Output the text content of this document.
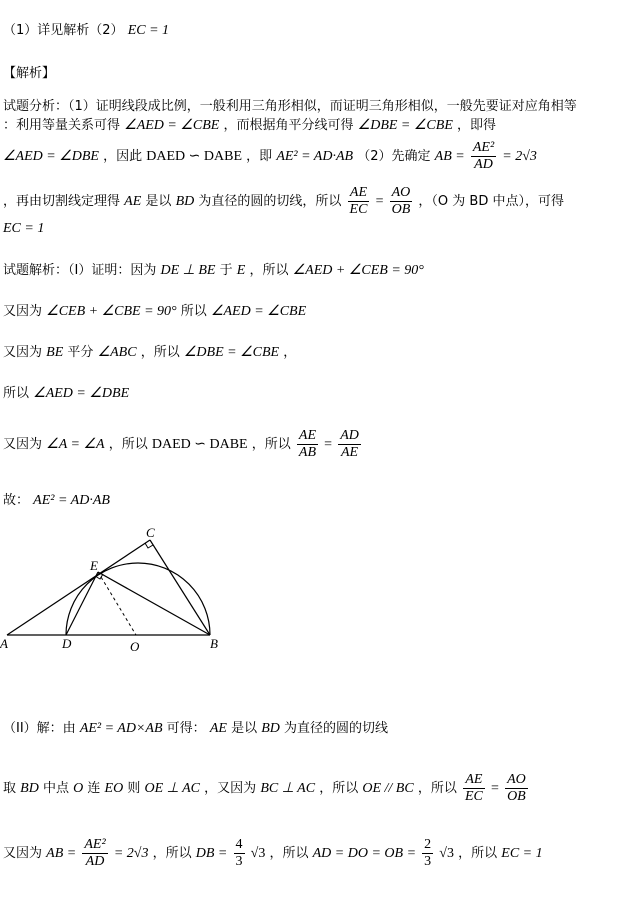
（1）详见解析（2） EC = 1
【解析】
试题分析：（1）证明线段成比例，一般利用三角形相似，而证明三角形相似，一般先要证对应角相等
：利用等量关系可得 ∠AED = ∠CBE ，而根据角平分线可得 ∠DBE = ∠CBE ，即得
∠AED = ∠DBE ，因此 DAED ∽ DABE ，即 AE² = AD·AB （2）先确定 AB = $\frac{\text{AE²}}{AD} = 2√3$
，再由切割线定理得 AE 是以 BD 为直径的圆的切线，所以 $\frac{AE}{EC} = \frac{AO}{OB}$ ，（O 为 BD 中点），可得
EC = 1
试题解析：（I）证明：因为 DE ⊥ BE 于 E ，所以 ∠AED + ∠CEB = 90°
又因为 ∠CEB + ∠CBE = 90° 所以 ∠AED = ∠CBE
又因为 BE 平分 ∠ABC ，所以 ∠DBE = ∠CBE ，
所以 ∠AED = ∠DBE
又因为 ∠A = ∠A ，所以 DAED ∽ DABE ，所以 $\frac{AE}{AB} = \frac{AD}{AE}$
故： AE² = AD·AB
A	B
C
D
E
O
（II）解：由 AE² = AD×AB 可得： AE 是以 BD 为直径的圆的切线
取 BD 中点 O 连 EO 则 OE ⊥ AC ，又因为 BC ⊥ AC ，所以 OE // BC ，所以 $\frac{AE}{EC} = \frac{AO}{OB}$
又因为 AB = $\frac{\text{AE²}}{AD} = 2√3$ ，所以 DB = $\frac{4}{3} √3$ ，所以 AD = DO = OB = $\frac{2}{3} √3$ ，所以 EC = 1
